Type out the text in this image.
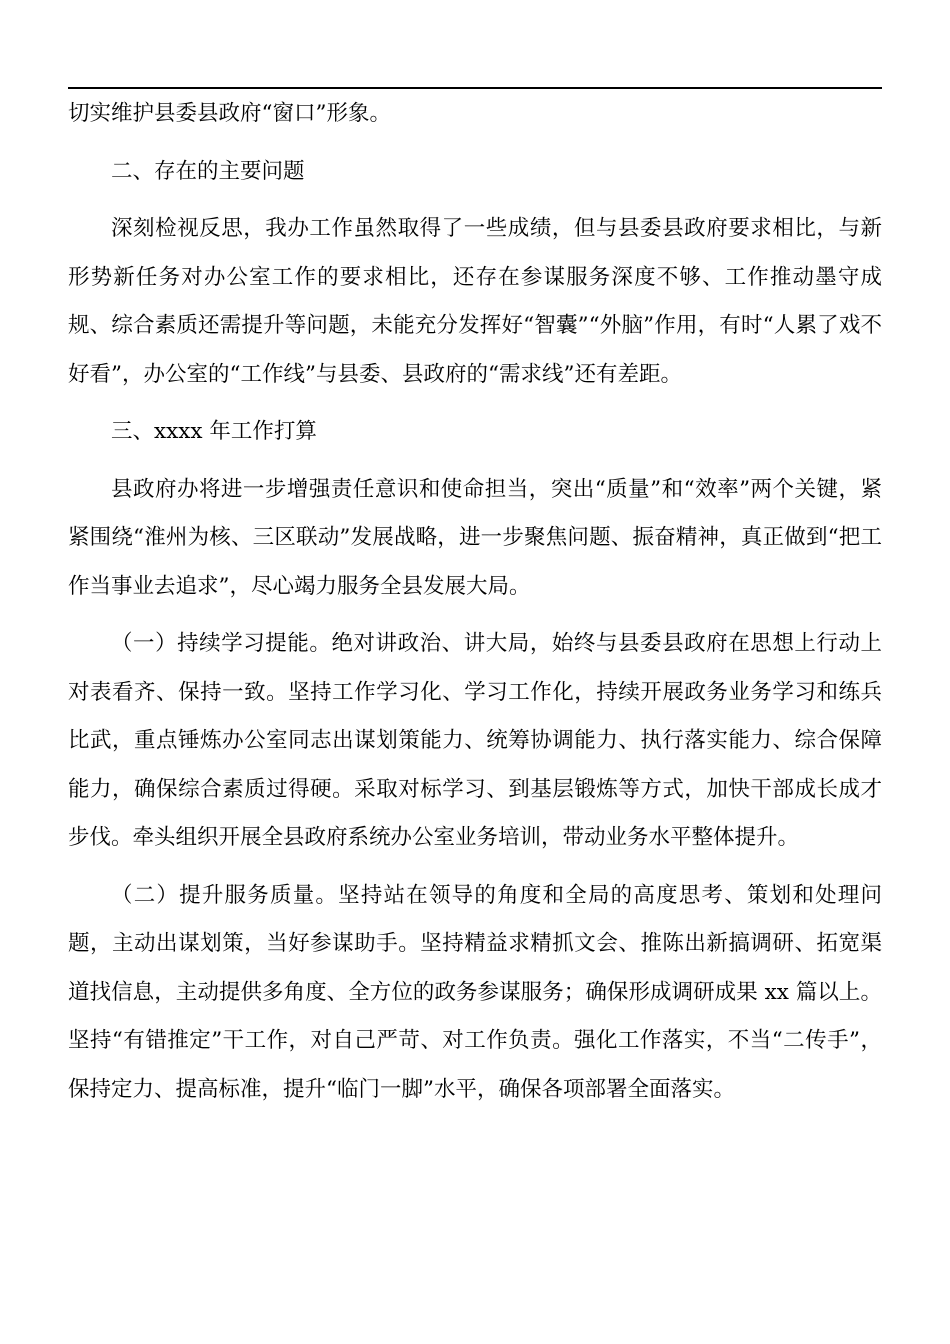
切实维护县委县政府“窗口”形象。

二、存在的主要问题

深刻检视反思，我办工作虽然取得了一些成绩，但与县委县政府要求相比，与新形势新任务对办公室工作的要求相比，还存在参谋服务深度不够、工作推动墨守成规、综合素质还需提升等问题，未能充分发挥好“智囊”“外脑”作用，有时“人累了戏不好看”，办公室的“工作线”与县委、县政府的“需求线”还有差距。

三、xxxx 年工作打算

县政府办将进一步增强责任意识和使命担当，突出“质量”和“效率”两个关键，紧紧围绕“淮州为核、三区联动”发展战略，进一步聚焦问题、振奋精神，真正做到“把工作当事业去追求”，尽心竭力服务全县发展大局。

（一）持续学习提能。绝对讲政治、讲大局，始终与县委县政府在思想上行动上对表看齐、保持一致。坚持工作学习化、学习工作化，持续开展政务业务学习和练兵比武，重点锤炼办公室同志出谋划策能力、统筹协调能力、执行落实能力、综合保障能力，确保综合素质过得硬。采取对标学习、到基层锻炼等方式，加快干部成长成才步伐。牵头组织开展全县政府系统办公室业务培训，带动业务水平整体提升。

（二）提升服务质量。坚持站在领导的角度和全局的高度思考、策划和处理问题，主动出谋划策，当好参谋助手。坚持精益求精抓文会、推陈出新搞调研、拓宽渠道找信息，主动提供多角度、全方位的政务参谋服务；确保形成调研成果 xx 篇以上。坚持“有错推定”干工作，对自己严苛、对工作负责。强化工作落实，不当“二传手”，保持定力、提高标准，提升“临门一脚”水平，确保各项部署全面落实。
